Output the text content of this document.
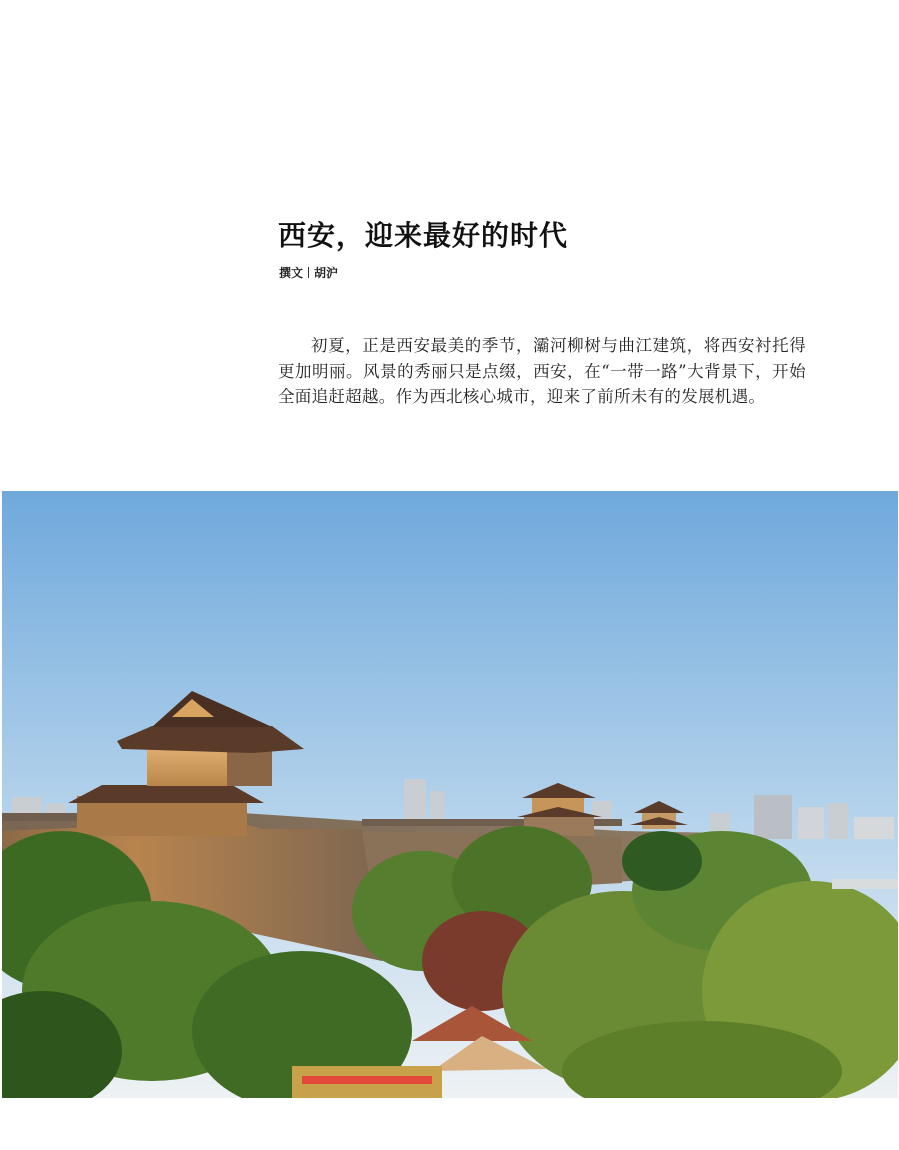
西安，迎来最好的时代
撰文 胡沪

初夏，正是西安最美的季节，灞河柳树与曲江建筑，将西安衬托得更加明丽。风景的秀丽只是点缀，西安，在“一带一路”大背景下，开始全面追赶超越。作为西北核心城市，迎来了前所未有的发展机遇。
